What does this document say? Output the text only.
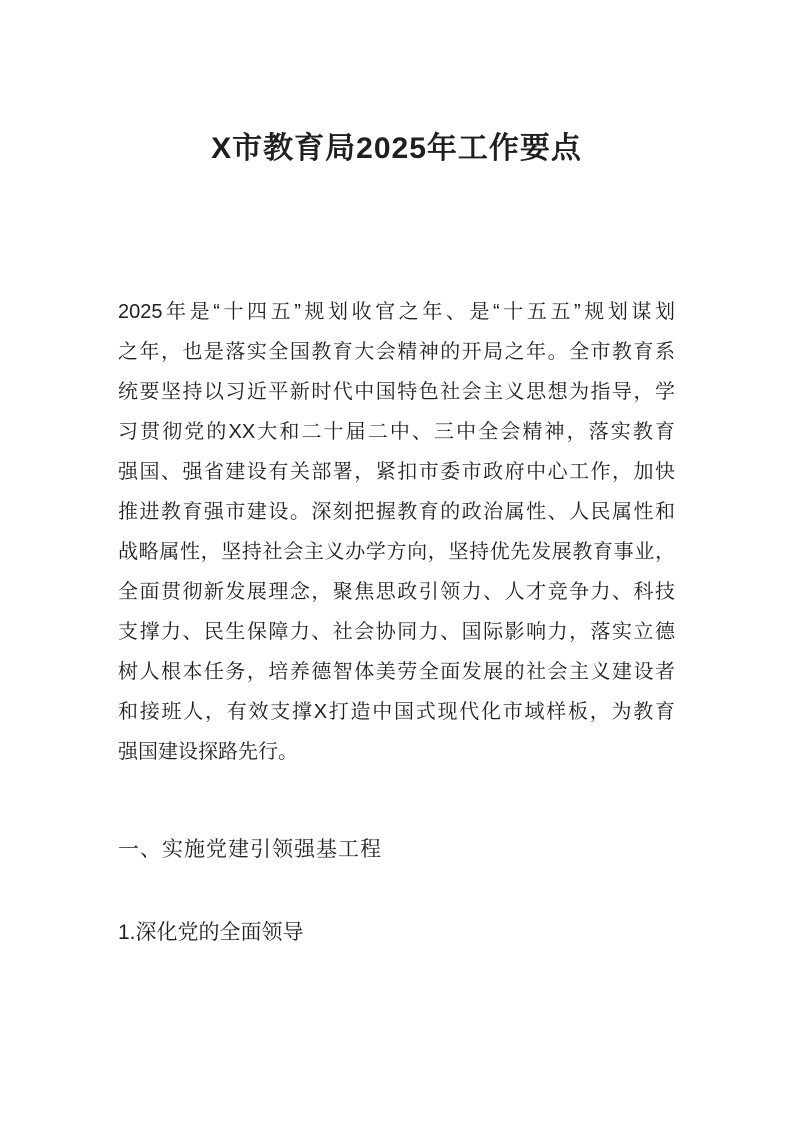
X市教育局2025年工作要点
2025年是“十四五”规划收官之年、是“十五五”规划谋划
之年，也是落实全国教育大会精神的开局之年。全市教育系
统要坚持以习近平新时代中国特色社会主义思想为指导，学
习贯彻党的XX大和二十届二中、三中全会精神，落实教育
强国、强省建设有关部署，紧扣市委市政府中心工作，加快
推进教育强市建设。深刻把握教育的政治属性、人民属性和
战略属性，坚持社会主义办学方向，坚持优先发展教育事业，
全面贯彻新发展理念，聚焦思政引领力、人才竞争力、科技
支撑力、民生保障力、社会协同力、国际影响力，落实立德
树人根本任务，培养德智体美劳全面发展的社会主义建设者
和接班人，有效支撑X打造中国式现代化市域样板，为教育
强国建设探路先行。
一、实施党建引领强基工程
1.深化党的全面领导
